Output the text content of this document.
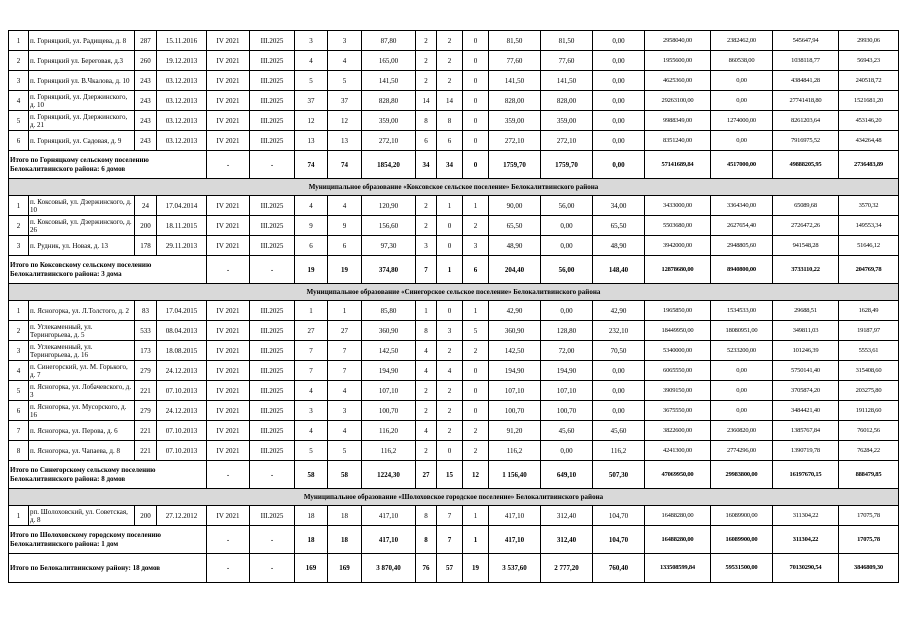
1	п. Горняцкий, ул. Радищева, д. 8	287	15.11.2016	IV 2021	III.2025	3	3	87,80	2	2	0	81,50	81,50	0,00	2958040,00	2382462,00	545647,94	29930,06
2	п. Горняцкий ул. Береговая, д.3	260	19.12.2013	IV 2021	III.2025	4	4	165,00	2	2	0	77,60	77,60	0,00	1955600,00	860538,00	1038118,77	56943,23
3	п. Горняцкий ул. В.Чкалова, д. 10	243	03.12.2013	IV 2021	III.2025	5	5	141,50	2	2	0	141,50	141,50	0,00	4625360,00	0,00	4384841,28	240518,72
4	п. Горняцкий, ул. Дзержинского, д. 10	243	03.12.2013	IV 2021	III.2025	37	37	828,80	14	14	0	828,00	828,00	0,00	29263100,00	0,00	27741418,80	1521681,20
5	п. Горняцкий, ул. Дзержинского, д. 21	243	03.12.2013	IV 2021	III.2025	12	12	359,00	8	8	0	359,00	359,00	0,00	9988349,00	1274000,00	8261203,64	453146,20
6	п. Горняцкий, ул. Садовая, д. 9	243	03.12.2013	IV 2021	III.2025	13	13	272,10	6	6	0	272,10	272,10	0,00	8351240,00	0,00	7916975,52	434264,48
Итого по Горняцкому сельскому поселению Белокалитвинского района: 6 домов				-	-	74	74	1854,20	34	34	0	1759,70	1759,70	0,00	57141689,84	4517000,00	49888205,95	2736483,89
Муниципальное образование «Коксовское сельское поселение» Белокалитвинского района																		
1	п. Коксовый, ул. Дзержинского, д. 10	24	17.04.2014	IV 2021	III.2025	4	4	120,90	2	1	1	90,00	56,00	34,00	3433000,00	3364340,00	65089,68	3570,32
2	п. Коксовый, ул. Дзержинского, д. 26	200	18.11.2015	IV 2021	III.2025	9	9	156,60	2	0	2	65,50	0,00	65,50	5503680,00	2627654,40	2726472,26	149553,34
3	п. Рудник, ул. Новая, д. 13	178	29.11.2013	IV 2021	III.2025	6	6	97,30	3	0	3	48,90	0,00	48,90	3942000,00	2948805,60	941548,28	51646,12
Итого по Коксовскому сельскому поселению Белокалитвинского района: 3 дома				-	-	19	19	374,80	7	1	6	204,40	56,00	148,40	12878680,00	8940800,00	3733110,22	204769,78
Муниципальное образование «Синегорское сельское поселение» Белокалитвинского района																		
1	п. Ясногорка, ул. Л.Толстого, д. 2	83	17.04.2015	IV 2021	III.2025	1	1	85,80	1	0	1	42,90	0,00	42,90	1965850,00	1534533,00	29688,51	1628,49
2	п. Углекаменный, ул. Терингорьева, д. 5	533	08.04.2013	IV 2021	III.2025	27	27	360,90	8	3	5	360,90	128,80	232,10	18449950,00	18080951,00	349811,03	19187,97
3	п. Углекаменный, ул. Терингорьева, д. 16	173	18.08.2015	IV 2021	III.2025	7	7	142,50	4	2	2	142,50	72,00	70,50	5340000,00	5233200,00	101246,39	5553,61
4	п. Синегорский, ул. М. Горького, д. 7	279	24.12.2013	IV 2021	III.2025	7	7	194,90	4	4	0	194,90	194,90	0,00	6065550,00	0,00	5750141,40	315408,60
5	п. Ясногорка, ул. Лобачевского, д. 3	221	07.10.2013	IV 2021	III.2025	4	4	107,10	2	2	0	107,10	107,10	0,00	3909150,00	0,00	3705874,20	203275,80
6	п. Ясногорка, ул. Мусорского, д. 16	279	24.12.2013	IV 2021	III.2025	3	3	100,70	2	2	0	100,70	100,70	0,00	3675550,00	0,00	3484421,40	191128,60
7	п. Ясногорка, ул. Перова, д. 6	221	07.10.2013	IV 2021	III.2025	4	4	116,20	4	2	2	91,20	45,60	45,60	3822600,00	2360820,00	1385767,84	76012,56
8	п. Ясногорка, ул. Чапаева, д. 8	221	07.10.2013	IV 2021	III.2025	5	5	116,2	2	0	2	116,2	0,00	116,2	4241300,00	2774296,00	1390719,78	76284,22
Итого по Синегорскому сельскому поселению Белокалитвинского района: 8 домов				-	-	58	58	1224,30	27	15	12	1 156,40	649,10	507,30	47069950,00	29983800,00	16197670,15	888479,85
Муниципальное образование «Шолоховское городское поселение» Белокалитвинского района																		
1	рп. Шолоховский, ул. Советская, д. 8	200	27.12.2012	IV 2021	III.2025	18	18	417,10	8	7	1	417,10	312,40	104,70	16488280,00	16089900,00	311304,22	17075,78
Итого по Шолоховскому городскому поселению Белокалитвинского района: 1 дом				-	-	18	18	417,10	8	7	1	417,10	312,40	104,70	16488280,00	16089900,00	311304,22	17075,78
Итого по Белокалитвинскому району: 18 домов				-	-	169	169	3 870,40	76	57	19	3 537,60	2 777,20	760,40	133508599,84	59531500,00	70130290,54	3846809,30
